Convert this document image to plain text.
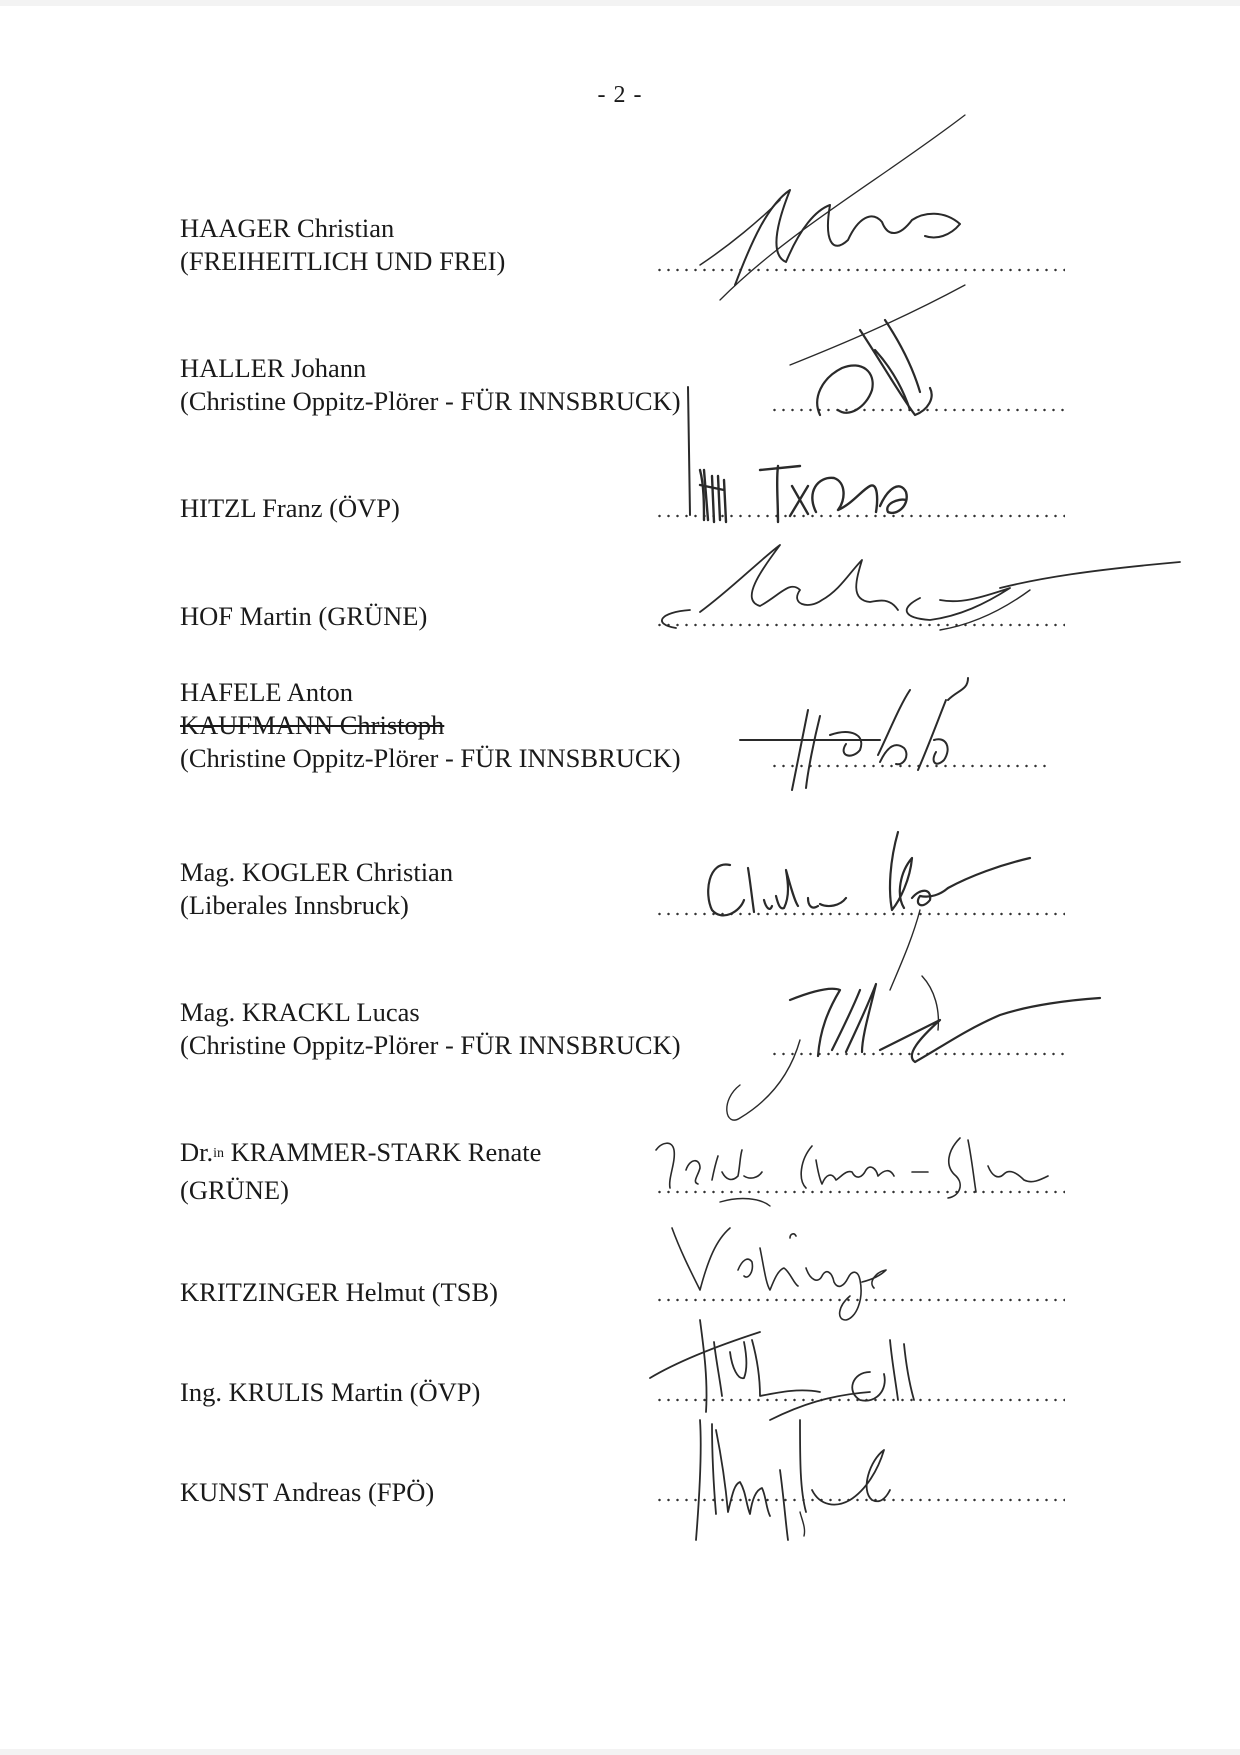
- 2 -
HAAGER Christian
(FREIHEITLICH UND FREI)
HALLER Johann
(Christine Oppitz-Plörer - FÜR INNSBRUCK)
HITZL Franz (ÖVP)
HOF Martin (GRÜNE)
HAFELE Anton
KAUFMANN Christoph
(Christine Oppitz-Plörer - FÜR INNSBRUCK)
Mag. KOGLER Christian
(Liberales Innsbruck)
Mag. KRACKL Lucas
(Christine Oppitz-Plörer - FÜR INNSBRUCK)
Dr.$^{in}$ KRAMMER-STARK Renate
(GRÜNE)
KRITZINGER Helmut (TSB)
Ing. KRULIS Martin (ÖVP)
KUNST Andreas (FPÖ)
